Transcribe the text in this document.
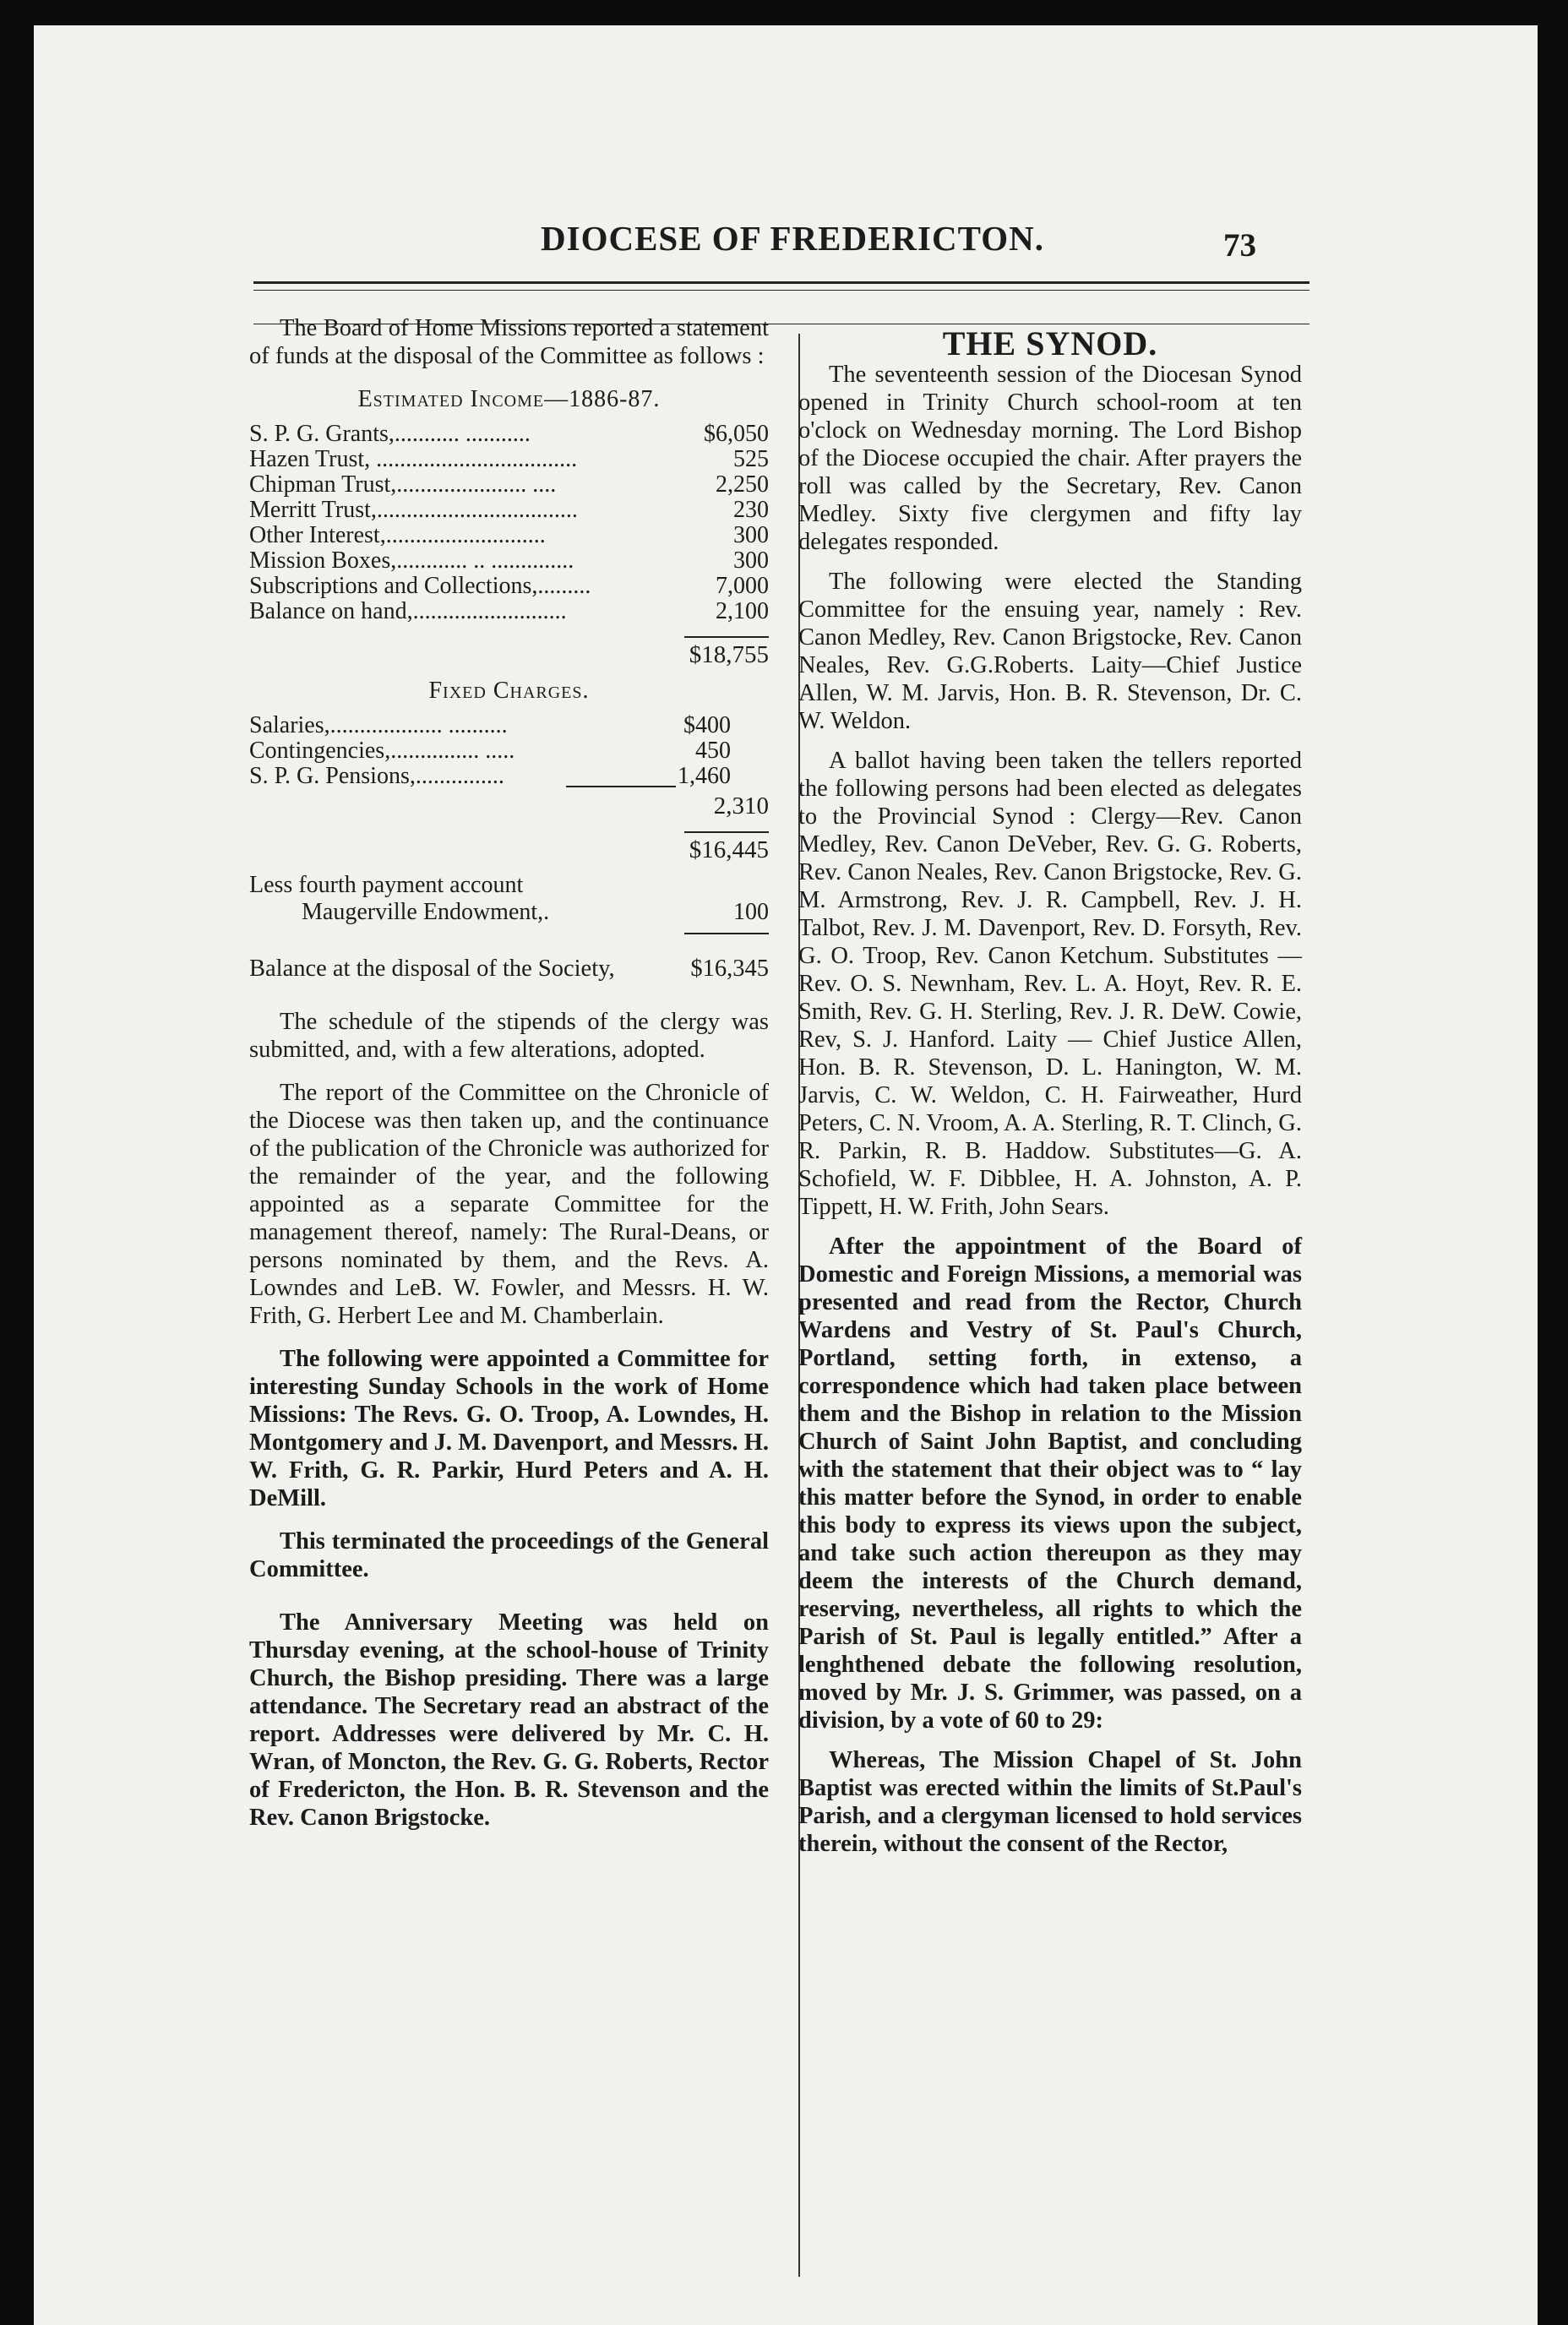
DIOCESE OF FREDERICTON.	73

The Board of Home Missions reported a statement of funds at the disposal of the Committee as follows :

Estimated Income—1886-87.
S. P. G. Grants,........... ...........	$6,050
Hazen Trust, ..................................	525
Chipman Trust,...................... ....	2,250
Merritt Trust,..................................	230
Other Interest,...........................	300
Mission Boxes,............ .. ..............	300
Subscriptions and Collections,.........	7,000
Balance on hand,..........................	2,100
$18,755
Fixed Charges.
Salaries,................... ..........	$400
Contingencies,............... .....	450
S. P. G. Pensions,...............	1,460
2,310
$16,445
Less fourth payment account
Maugerville Endowment,.	100
Balance at the disposal of the Society,	$16,345

The schedule of the stipends of the clergy was submitted, and, with a few alterations, adopted.

The report of the Committee on the Chronicle of the Diocese was then taken up, and the continuance of the publication of the Chronicle was authorized for the remainder of the year, and the following appointed as a separate Committee for the management thereof, namely: The Rural-Deans, or persons nominated by them, and the Revs. A. Lowndes and LeB. W. Fowler, and Messrs. H. W. Frith, G. Herbert Lee and M. Chamberlain.

The following were appointed a Committee for interesting Sunday Schools in the work of Home Missions: The Revs. G. O. Troop, A. Lowndes, H. Montgomery and J. M. Davenport, and Messrs. H. W. Frith, G. R. Parkir, Hurd Peters and A. H. DeMill.

This terminated the proceedings of the General Committee.

The Anniversary Meeting was held on Thursday evening, at the school-house of Trinity Church, the Bishop presiding. There was a large attendance. The Secretary read an abstract of the report. Addresses were delivered by Mr. C. H. Wran, of Moncton, the Rev. G. G. Roberts, Rector of Fredericton, the Hon. B. R. Stevenson and the Rev. Canon Brigstocke.

THE SYNOD.

The seventeenth session of the Diocesan Synod opened in Trinity Church school-room at ten o'clock on Wednesday morning. The Lord Bishop of the Diocese occupied the chair. After prayers the roll was called by the Secretary, Rev. Canon Medley. Sixty five clergymen and fifty lay delegates responded.

The following were elected the Standing Committee for the ensuing year, namely : Rev. Canon Medley, Rev. Canon Brigstocke, Rev. Canon Neales, Rev. G.G.Roberts. Laity—Chief Justice Allen, W. M. Jarvis, Hon. B. R. Stevenson, Dr. C. W. Weldon.

A ballot having been taken the tellers reported the following persons had been elected as delegates to the Provincial Synod : Clergy—Rev. Canon Medley, Rev. Canon DeVeber, Rev. G. G. Roberts, Rev. Canon Neales, Rev. Canon Brigstocke, Rev. G. M. Armstrong, Rev. J. R. Campbell, Rev. J. H. Talbot, Rev. J. M. Davenport, Rev. D. Forsyth, Rev. G. O. Troop, Rev. Canon Ketchum. Substitutes — Rev. O. S. Newnham, Rev. L. A. Hoyt, Rev. R. E. Smith, Rev. G. H. Sterling, Rev. J. R. DeW. Cowie, Rev, S. J. Hanford. Laity — Chief Justice Allen, Hon. B. R. Stevenson, D. L. Hanington, W. M. Jarvis, C. W. Weldon, C. H. Fairweather, Hurd Peters, C. N. Vroom, A. A. Sterling, R. T. Clinch, G. R. Parkin, R. B. Haddow. Substitutes—G. A. Schofield, W. F. Dibblee, H. A. Johnston, A. P. Tippett, H. W. Frith, John Sears.

After the appointment of the Board of Domestic and Foreign Missions, a memorial was presented and read from the Rector, Church Wardens and Vestry of St. Paul's Church, Portland, setting forth, in extenso, a correspondence which had taken place between them and the Bishop in relation to the Mission Church of Saint John Baptist, and concluding with the statement that their object was to “ lay this matter before the Synod, in order to enable this body to express its views upon the subject, and take such action thereupon as they may deem the interests of the Church demand, reserving, nevertheless, all rights to which the Parish of St. Paul is legally entitled.” After a lenghthened debate the following resolution, moved by Mr. J. S. Grimmer, was passed, on a division, by a vote of 60 to 29:

Whereas, The Mission Chapel of St. John Baptist was erected within the limits of St.Paul's Parish, and a clergyman licensed to hold services therein, without the consent of the Rector,
